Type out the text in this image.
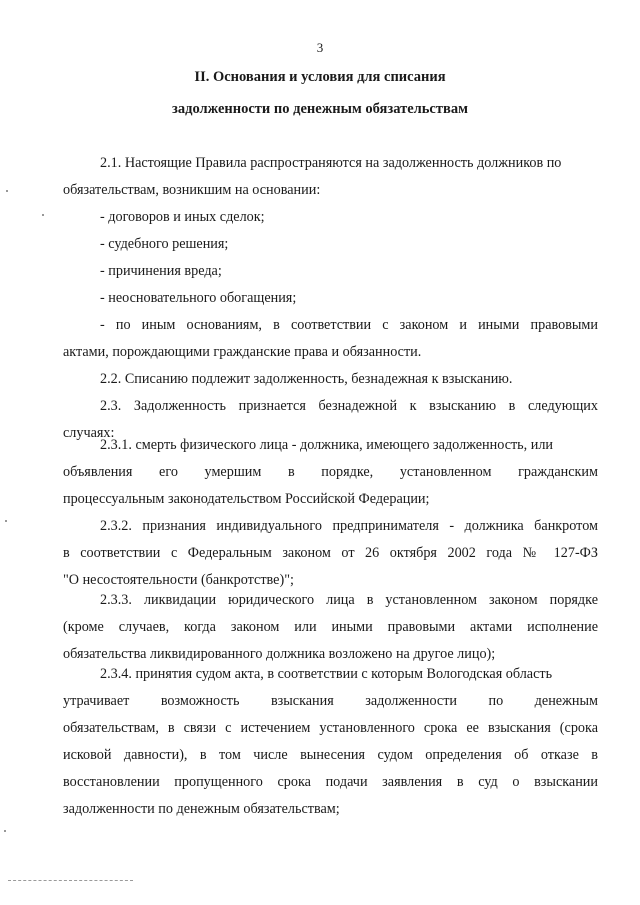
3
II. Основания и условия для списания
задолженности по денежным обязательствам
2.1. Настоящие Правила распространяются на задолженность должников по
обязательствам, возникшим на основании:
- договоров и иных сделок;
- судебного решения;
- причинения вреда;
- неосновательного обогащения;
- по иным основаниям, в соответствии с законом и иными правовыми
актами, порождающими гражданские права и обязанности.
2.2. Списанию подлежит задолженность, безнадежная к взысканию.
2.3. Задолженность признается безнадежной к взысканию в следующих
случаях:
2.3.1. смерть физического лица - должника, имеющего задолженность, или
объявления его умершим в порядке, установленном гражданским
процессуальным законодательством Российской Федерации;
2.3.2. признания индивидуального предпринимателя - должника банкротом
в соответствии с Федеральным законом от 26 октября 2002 года № 127-ФЗ
"О несостоятельности (банкротстве)";
2.3.3. ликвидации юридического лица в установленном законом порядке
(кроме случаев, когда законом или иными правовыми актами исполнение
обязательства ликвидированного должника возложено на другое лицо);
2.3.4. принятия судом акта, в соответствии с которым Вологодская область
утрачивает возможность взыскания задолженности по денежным
обязательствам, в связи с истечением установленного срока ее взыскания (срока
исковой давности), в том числе вынесения судом определения об отказе в
восстановлении пропущенного срока подачи заявления в суд о взыскании
задолженности по денежным обязательствам;
